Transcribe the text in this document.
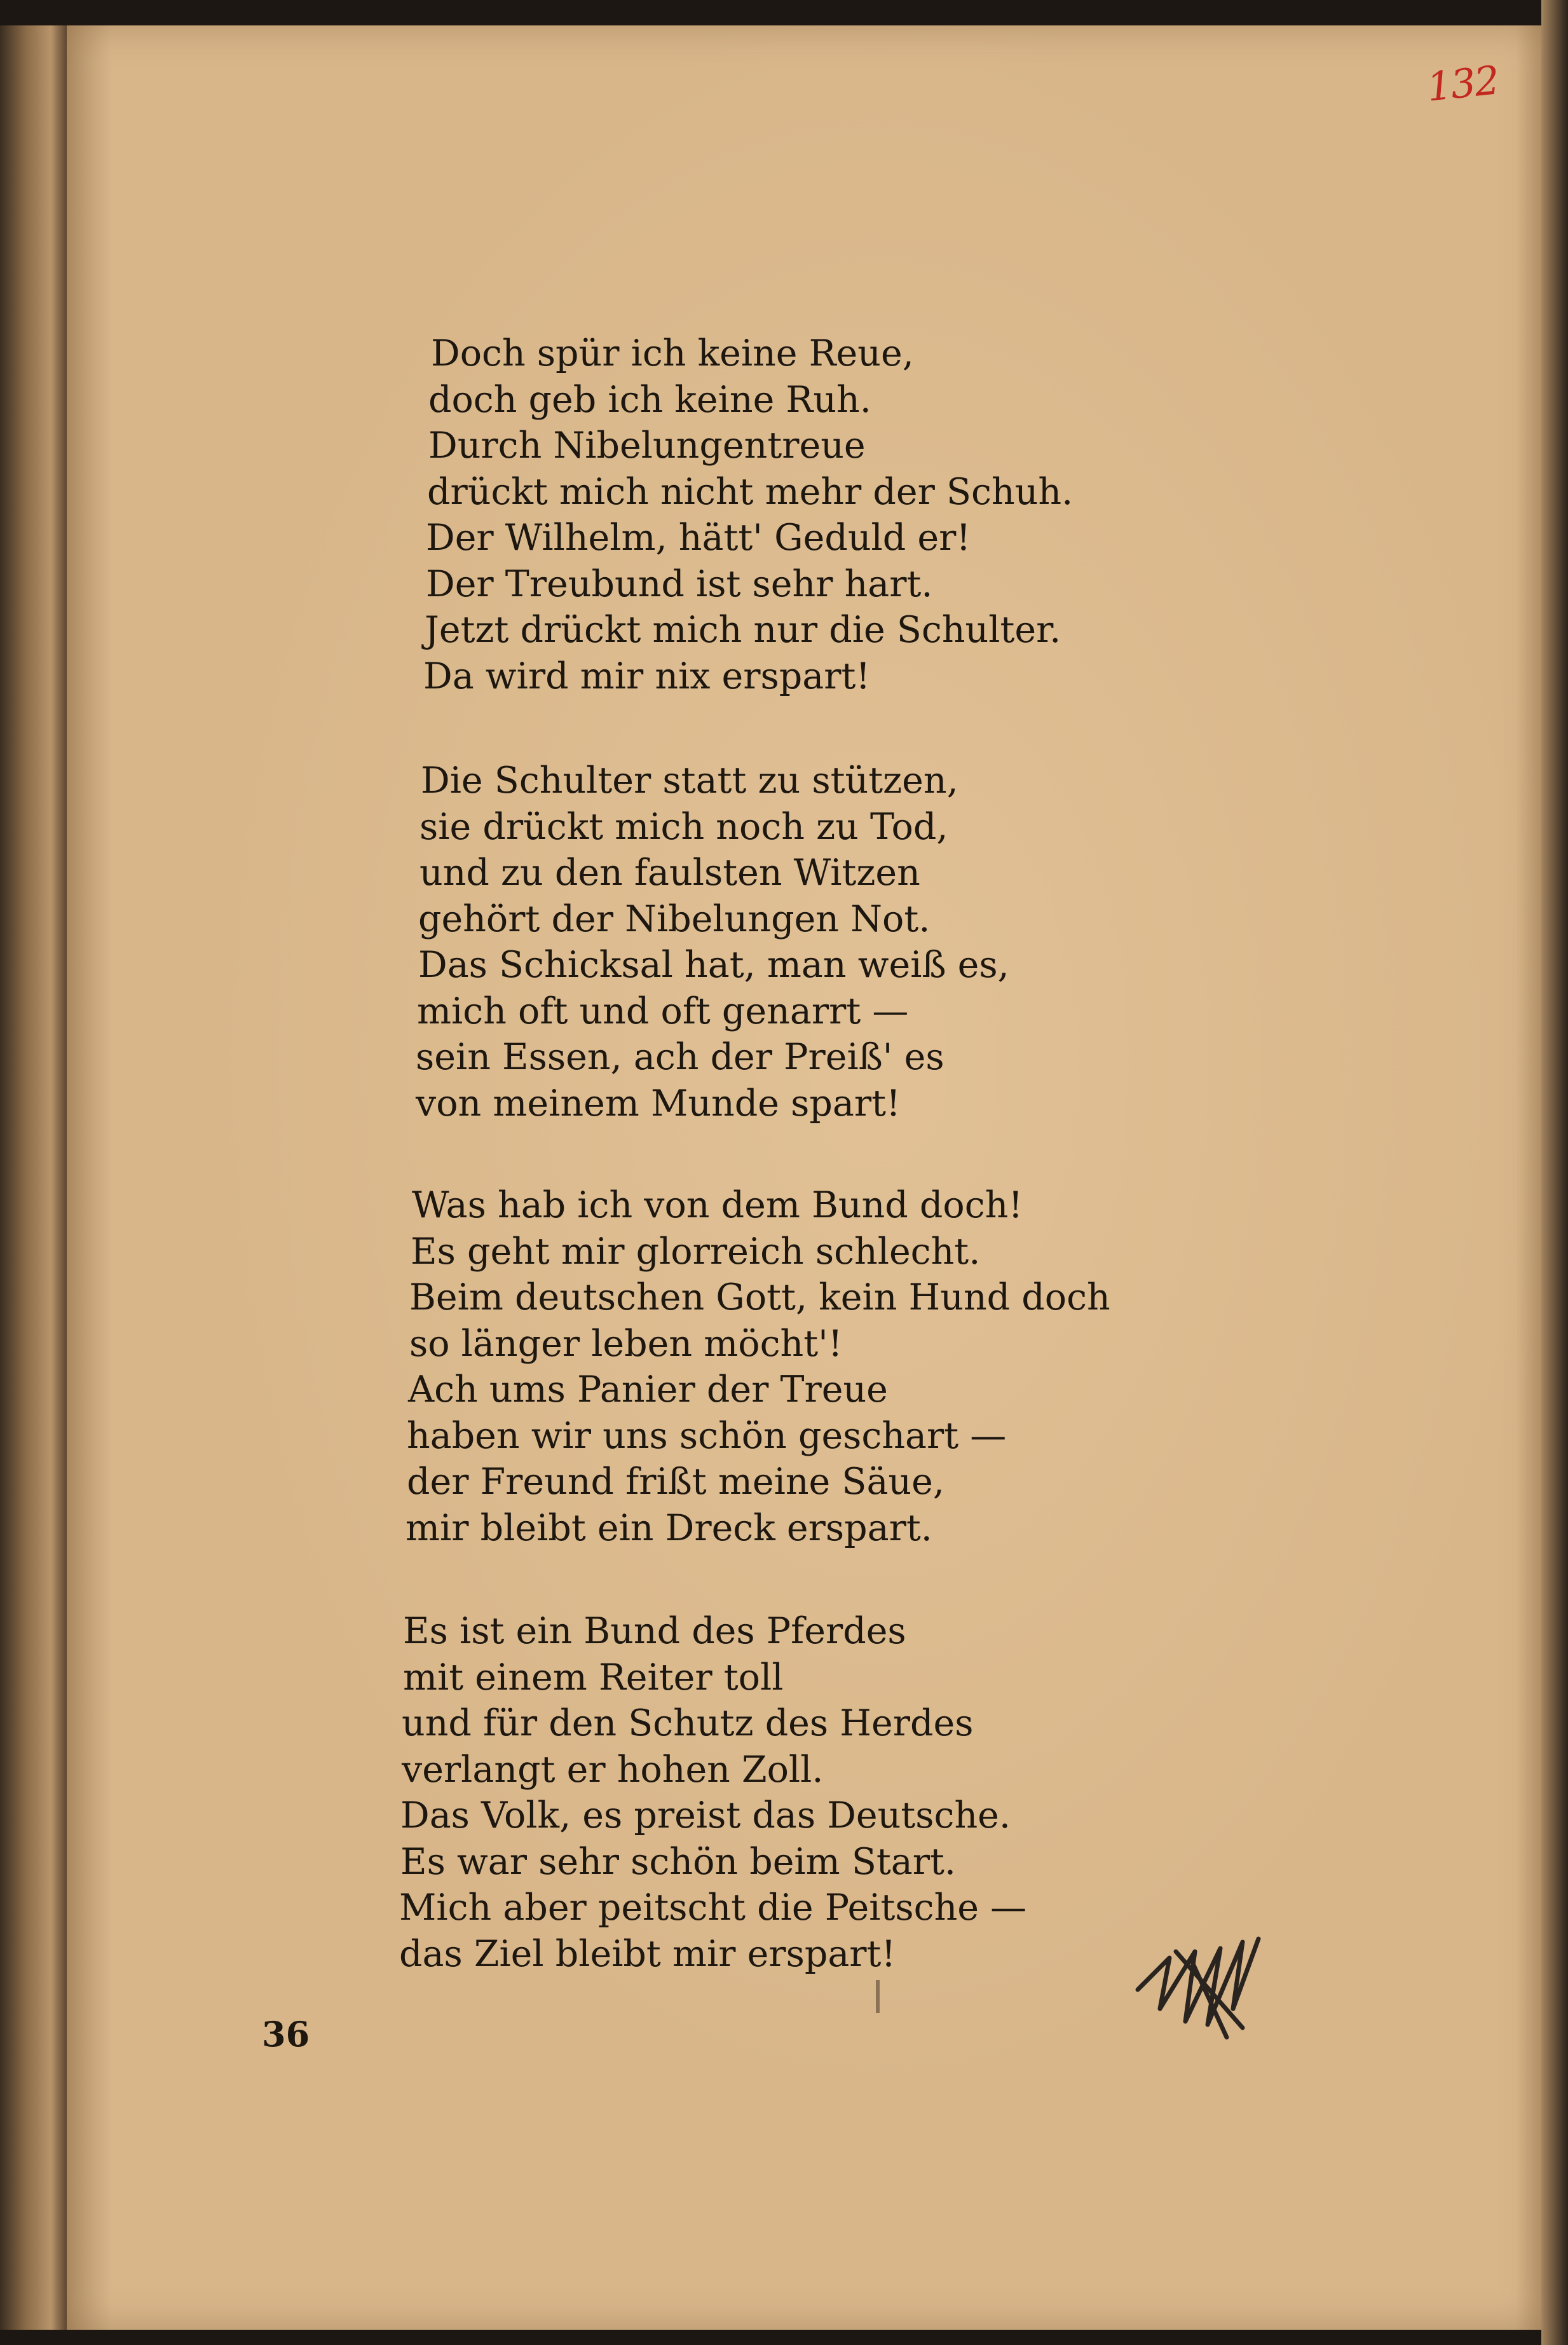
132
Doch spür ich keine Reue,
doch geb ich keine Ruh.
Durch Nibelungentreue
drückt mich nicht mehr der Schuh.
Der Wilhelm, hätt' Geduld er!
Der Treubund ist sehr hart.
Jetzt drückt mich nur die Schulter.
Da wird mir nix erspart!
Die Schulter statt zu stützen,
sie drückt mich noch zu Tod,
und zu den faulsten Witzen
gehört der Nibelungen Not.
Das Schicksal hat, man weiß es,
mich oft und oft genarrt —
sein Essen, ach der Preiß' es
von meinem Munde spart!
Was hab ich von dem Bund doch!
Es geht mir glorreich schlecht.
Beim deutschen Gott, kein Hund doch
so länger leben möcht'!
Ach ums Panier der Treue
haben wir uns schön geschart —
der Freund frißt meine Säue,
mir bleibt ein Dreck erspart.
Es ist ein Bund des Pferdes
mit einem Reiter toll
und für den Schutz des Herdes
verlangt er hohen Zoll.
Das Volk, es preist das Deutsche.
Es war sehr schön beim Start.
Mich aber peitscht die Peitsche —
das Ziel bleibt mir erspart!
36
